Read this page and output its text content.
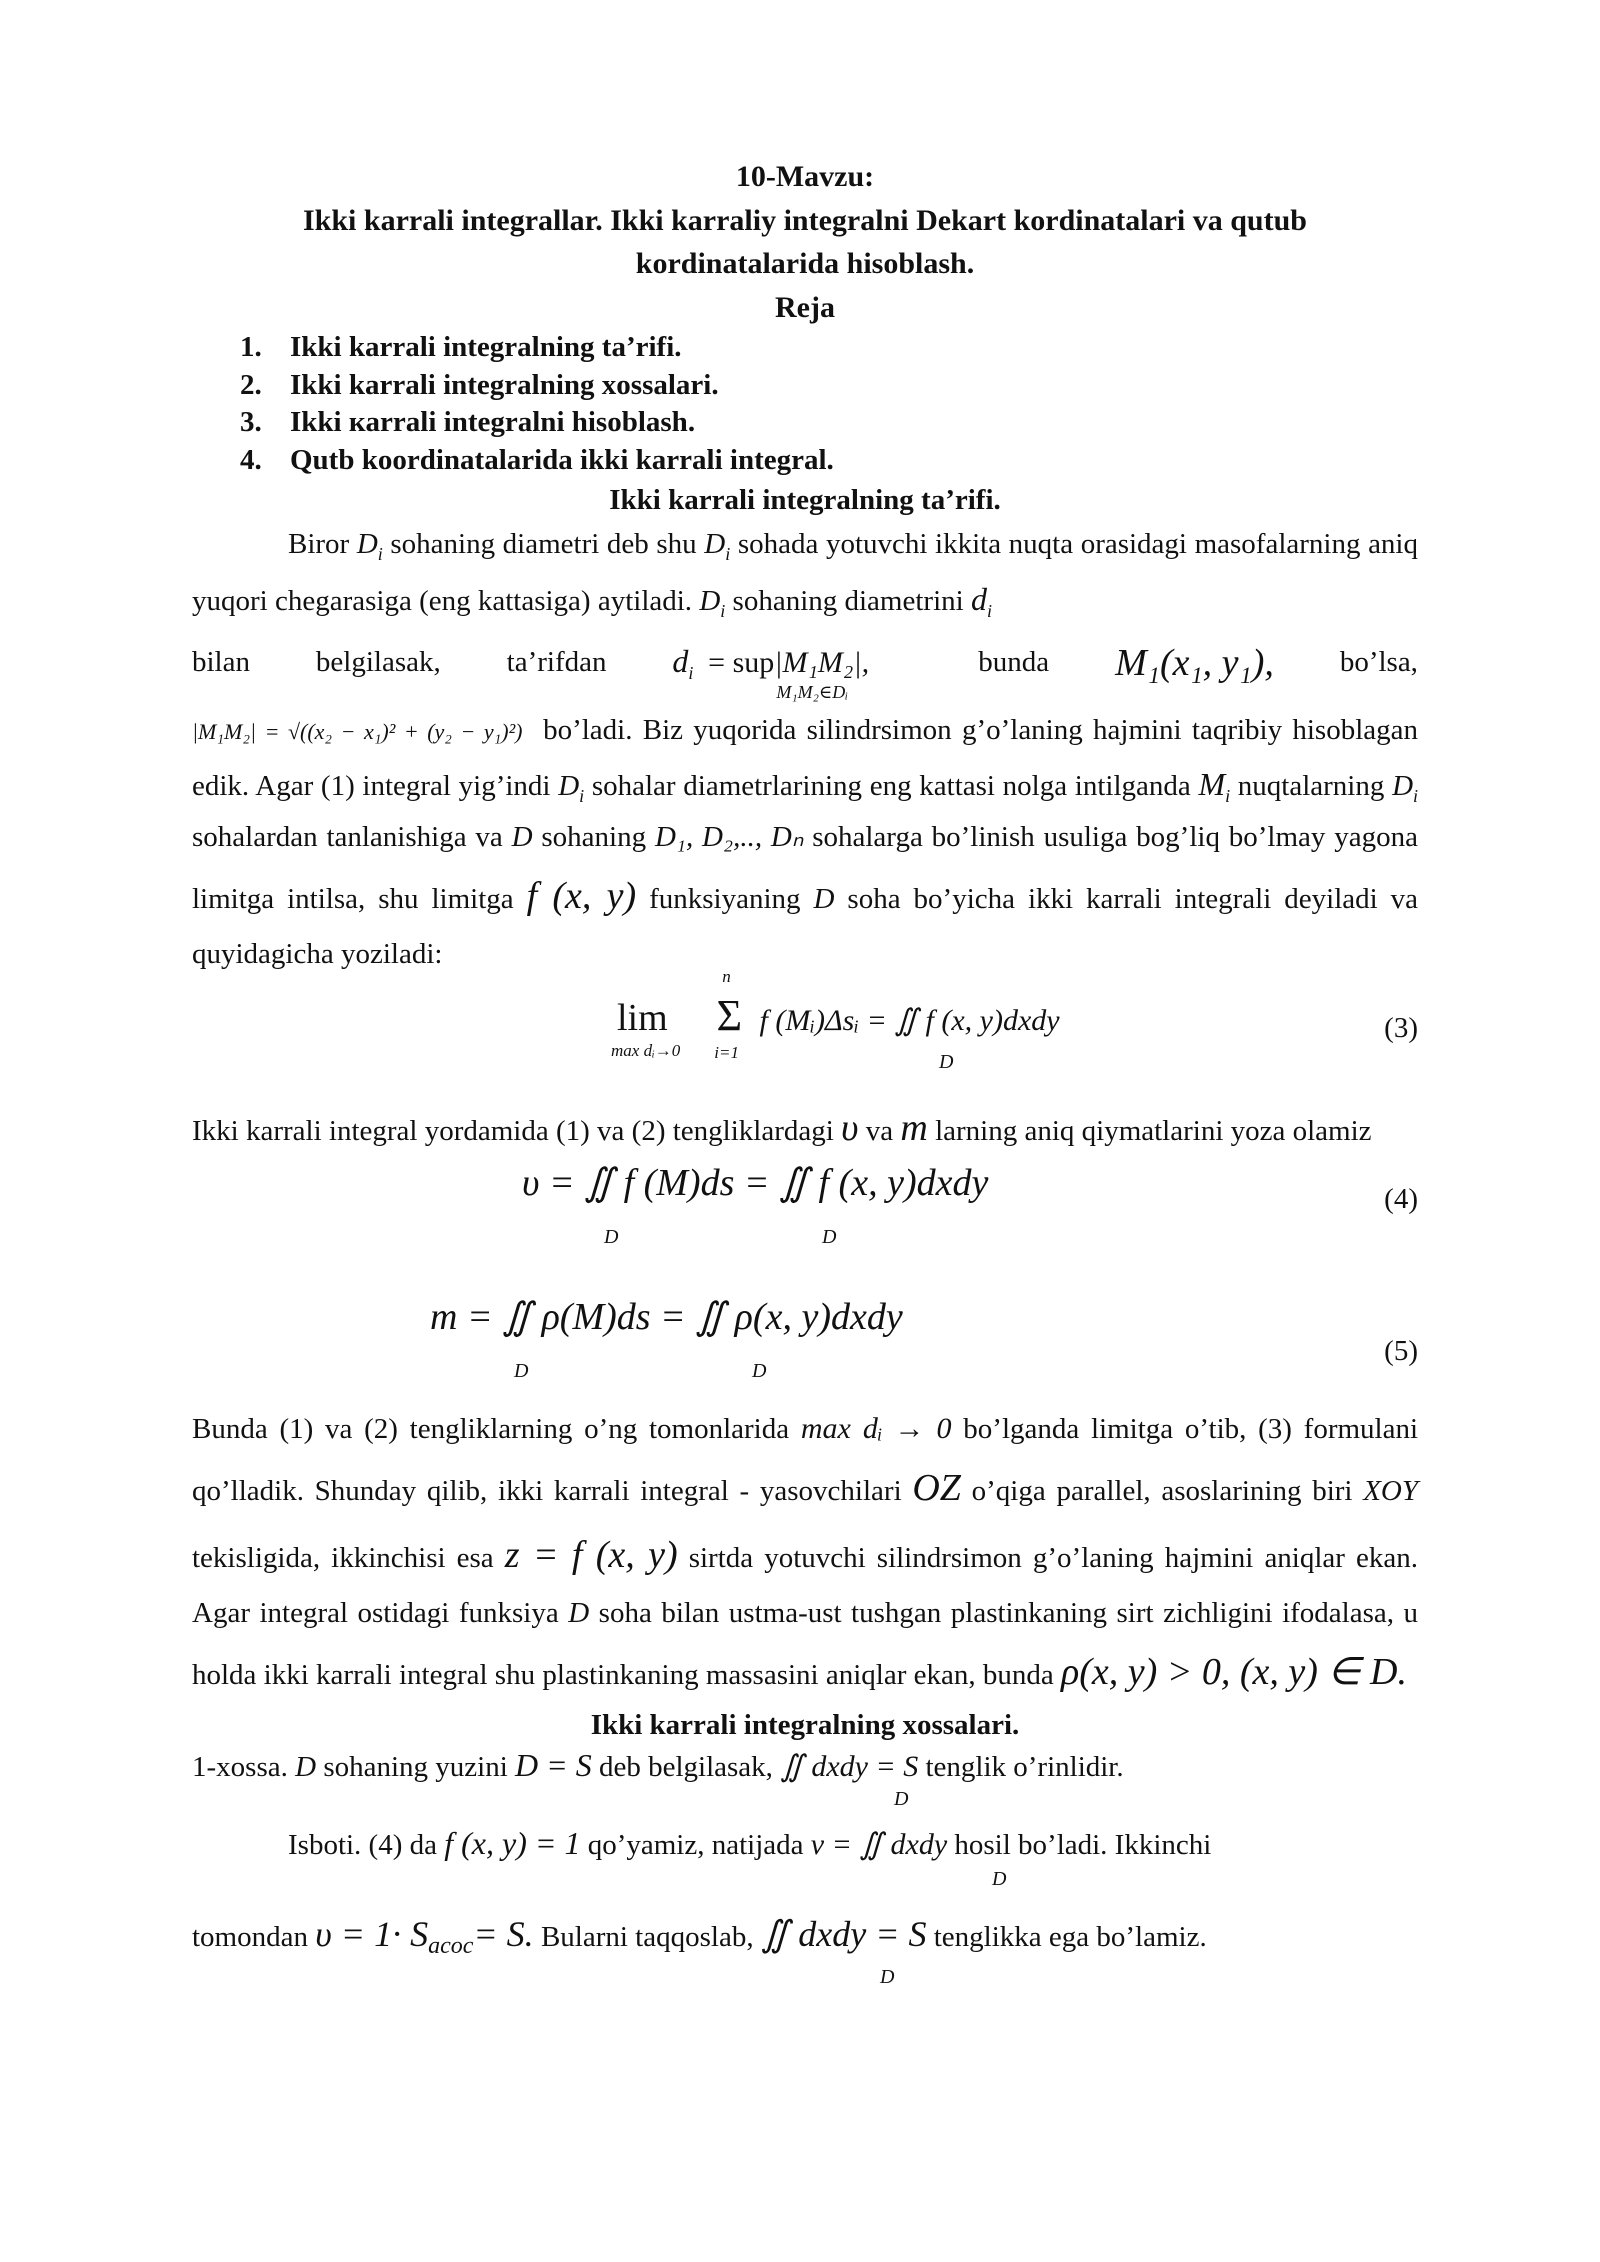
10-Mavzu:
Ikki karrali integrallar. Ikki karraliy integralni Dekart kordinatalari va qutub
kordinatalarida hisoblash.
Reja
1. Ikki karrali integralning ta’rifi.
2. Ikki karrali integralning xossalari.
3. Ikki кarrali integralni hisoblash.
4. Qutb koordinatalarida ikki karrali integral.
Ikki karrali integralning ta’rifi.

Biror $D_i$ sohaning diametri deb shu $D_i$ sohada yotuvchi ikkita nuqta orasidagi masofalarning aniq yuqori chegarasiga (eng kattasiga) aytiladi. $D_i$ sohaning diametrini $d_i$

bilan belgilasak, ta’rifdan $d_i = sup|M_1M_2|$,
M₁M₂∈Dᵢ
bunda M₁(x₁, y₁), bo’lsa,

|M₁M₂| = √((x₂ − x₁)² + (y₂ − y₁)²) bo’ladi. Biz yuqorida silindrsimon g’o’laning hajmini taqribiy hisoblagan edik. Agar (1) integral yig’indi $D_i$ sohalar diametrlarining eng kattasi nolga intilganda $M_i$ nuqtalarning $D_i$ sohalardan tanlanishiga va D sohaning D₁, D₂,.., Dₙ sohalarga bo’linish usuliga bog’liq bo’lmay yagona limitga intilsa, shu limitga f (x, y) funksiyaning D soha bo’yicha ikki karrali integrali deyiladi va quyidagicha yoziladi:

lim
max dᵢ→0

n
Σ
i=1
f (Mᵢ)Δsᵢ = ∬ f (x, y)dxdy
D
(3)

Ikki karrali integral yordamida (1) va (2) tengliklardagi υ va m larning aniq qiymatlarini yoza olamiz

υ = ∬ f (M)ds = ∬ f (x, y)dxdy
D	D
(4)
m = ∬ ρ(M)ds = ∬ ρ(x, y)dxdy
D	D
(5)

Bunda (1) va (2) tengliklarning o’ng tomonlarida max dᵢ → 0 bo’lganda limitga o’tib, (3) formulani qo’lladik. Shunday qilib, ikki karrali integral - yasovchilari OZ o’qiga parallel, asoslarining biri XOY tekisligida, ikkinchisi esa z = f (x, y) sirtda yotuvchi silindrsimon g’o’laning hajmini aniqlar ekan. Agar integral ostidagi funksiya D soha bilan ustma-ust tushgan plastinkaning sirt zichligini ifodalasa, u holda ikki karrali integral shu plastinkaning massasini aniqlar ekan, bunda ρ(x, y) > 0, (x, y) ∈ D.

Ikki karrali integralning xossalari.
1-xossa. D sohaning yuzini D = S deb belgilasak, ∬ dxdy = S tenglik o’rinlidir.
D
Isboti. (4) da f (x, y) = 1 qo’yamiz, natijada v = ∬ dxdy hosil bo’ladi. Ikkinchi
D
tomondan $\upsilon = 1\cdot S_{acoc}= S$. Bularni taqqoslab, ∬ dxdy = S tenglikka ega bo’lamiz.
D
